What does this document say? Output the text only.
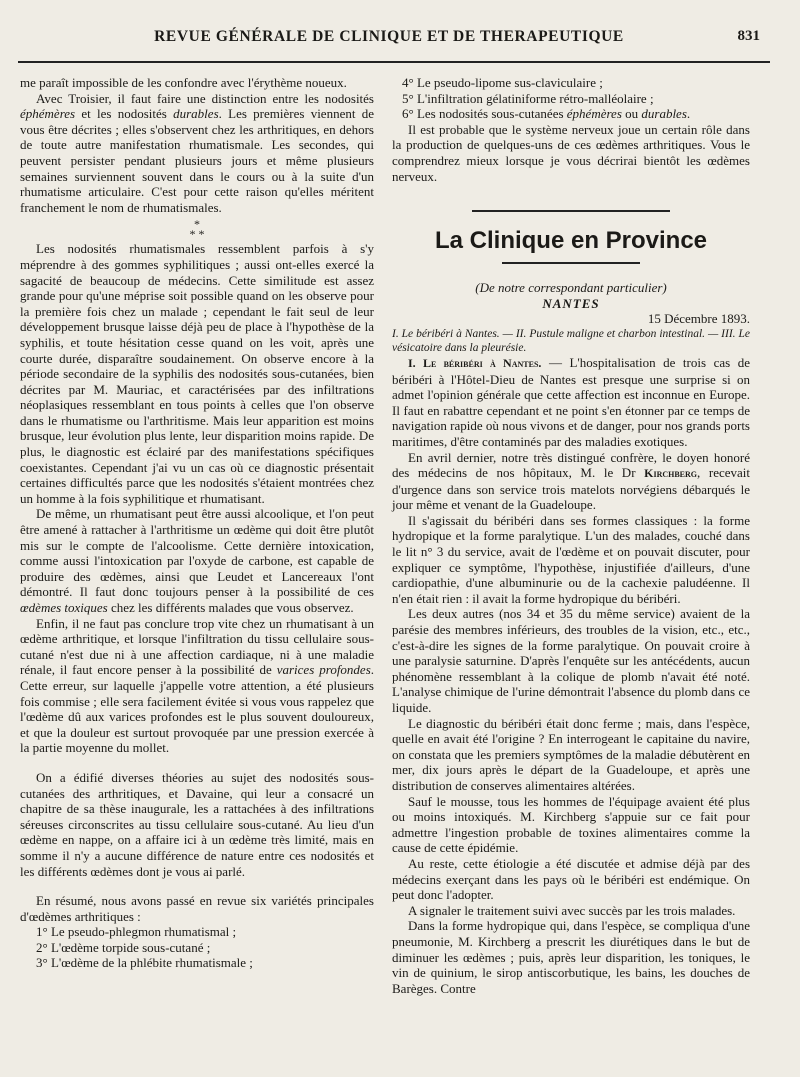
REVUE GÉNÉRALE DE CLINIQUE ET DE THERAPEUTIQUE	831

me paraît impossible de les confondre avec l'érythème noueux.

Avec Troisier, il faut faire une distinction entre les nodosités éphémères et les nodosités durables. Les premières viennent de vous être décrites ; elles s'observent chez les arthritiques, en dehors de toute autre manifestation rhumatismale. Les secondes, qui peuvent persister pendant plusieurs jours et même plusieurs semaines surviennent souvent dans le cours ou à la suite d'un rhumatisme articulaire. C'est pour cette raison qu'elles méritent franchement le nom de rhumatismales.

*
* *

Les nodosités rhumatismales ressemblent parfois à s'y méprendre à des gommes syphilitiques ; aussi ont-elles exercé la sagacité de beaucoup de médecins. Cette similitude est assez grande pour qu'une méprise soit possible quand on les observe pour la première fois chez un malade ; cependant le fait seul de leur développement brusque laisse déjà peu de place à l'hypothèse de la syphilis, et toute hésitation cesse quand on les voit, après une courte durée, disparaître soudainement. On observe encore à la période secondaire de la syphilis des nodosités sous-cutanées, bien décrites par M. Mauriac, et caractérisées par des infiltrations néoplasiques ressemblant en tous points à celles que l'on observe dans le rhumatisme ou l'arthritisme. Mais leur apparition est moins brusque, leur évolution plus lente, leur disparition moins rapide. De plus, le diagnostic est éclairé par des manifestations spécifiques coexistantes. Cependant j'ai vu un cas où ce diagnostic présentait certaines difficultés parce que les nodosités s'étaient montrées chez un homme à la fois syphilitique et rhumatisant.

De même, un rhumatisant peut être aussi alcoolique, et l'on peut être amené à rattacher à l'arthritisme un œdème qui doit être plutôt mis sur le compte de l'alcoolisme. Cette dernière intoxication, comme aussi l'intoxication par l'oxyde de carbone, est capable de produire des œdèmes, ainsi que Leudet et Lancereaux l'ont démontré. Il faut donc toujours penser à la possibilité de ces œdèmes toxiques chez les différents malades que vous observez.

Enfin, il ne faut pas conclure trop vite chez un rhumatisant à un œdème arthritique, et lorsque l'infiltration du tissu cellulaire sous-cutané n'est due ni à une affection cardiaque, ni à une maladie rénale, il faut encore penser à la possibilité de varices profondes. Cette erreur, sur laquelle j'appelle votre attention, a été plusieurs fois commise ; elle sera facilement évitée si vous vous rappelez que l'œdème dû aux varices profondes est le plus souvent douloureux, et que la douleur est surtout provoquée par une pression exercée à la partie moyenne du mollet.

On a édifié diverses théories au sujet des nodosités sous-cutanées des arthritiques, et Davaine, qui leur a consacré un chapitre de sa thèse inaugurale, les a rattachées à des infiltrations séreuses circonscrites au tissu cellulaire sous-cutané. Au lieu d'un œdème en nappe, on a affaire ici à un œdème très limité, mais en somme il n'y a aucune différence de nature entre ces nodosités et les différents œdèmes dont je vous ai parlé.

En résumé, nous avons passé en revue six variétés principales d'œdèmes arthritiques :

1° Le pseudo-phlegmon rhumatismal ;

2° L'œdème torpide sous-cutané ;

3° L'œdème de la phlébite rhumatismale ;

4° Le pseudo-lipome sus-claviculaire ;

5° L'infiltration gélatiniforme rétro-malléolaire ;

6° Les nodosités sous-cutanées éphémères ou durables.

Il est probable que le système nerveux joue un certain rôle dans la production de quelques-uns de ces œdèmes arthritiques. Vous le comprendrez mieux lorsque je vous décrirai bientôt les œdèmes nerveux.

La Clinique en Province

(De notre correspondant particulier)

NANTES

15 Décembre 1893.

I. Le béribéri à Nantes. — II. Pustule maligne et charbon intestinal. — III. Le vésicatoire dans la pleurésie.

I. Le béribéri à Nantes. — L'hospitalisation de trois cas de béribéri à l'Hôtel-Dieu de Nantes est presque une surprise si on admet l'opinion générale que cette affection est inconnue en Europe. Il faut en rabattre cependant et ne point s'en étonner par ce temps de navigation rapide où nous vivons et de danger, pour nos grands ports maritimes, d'être contaminés par des maladies exotiques.

En avril dernier, notre très distingué confrère, le doyen honoré des médecins de nos hôpitaux, M. le Dr Kirchberg, recevait d'urgence dans son service trois matelots norvégiens débarqués le jour même et venant de la Guadeloupe.

Il s'agissait du béribéri dans ses formes classiques : la forme hydropique et la forme paralytique. L'un des malades, couché dans le lit n° 3 du service, avait de l'œdème et on pouvait discuter, pour expliquer ce symptôme, l'hypothèse, injustifiée d'ailleurs, d'une cardiopathie, d'une albuminurie ou de la cachexie paludéenne. Il n'en était rien : il avait la forme hydropique du béribéri.

Les deux autres (nos 34 et 35 du même service) avaient de la parésie des membres inférieurs, des troubles de la vision, etc., etc., c'est-à-dire les signes de la forme paralytique. On pouvait croire à une paralysie saturnine. D'après l'enquête sur les antécédents, aucun phénomène ressemblant à la colique de plomb n'avait été noté. L'analyse chimique de l'urine démontrait l'absence du plomb dans ce liquide.

Le diagnostic du béribéri était donc ferme ; mais, dans l'espèce, quelle en avait été l'origine ? En interrogeant le capitaine du navire, on constata que les premiers symptômes de la maladie débutèrent en mer, dix jours après le départ de la Guadeloupe, et après une distribution de conserves alimentaires altérées.

Sauf le mousse, tous les hommes de l'équipage avaient été plus ou moins intoxiqués. M. Kirchberg s'appuie sur ce fait pour admettre l'ingestion probable de toxines alimentaires comme la cause de cette épidémie.

Au reste, cette étiologie a été discutée et admise déjà par des médecins exerçant dans les pays où le béribéri est endémique. On peut donc l'adopter.

A signaler le traitement suivi avec succès par les trois malades.

Dans la forme hydropique qui, dans l'espèce, se compliqua d'une pneumonie, M. Kirchberg a prescrit les diurétiques dans le but de diminuer les œdèmes ; puis, après leur disparition, les toniques, le vin de quinium, le sirop antiscorbutique, les bains, les douches de Barèges. Contre
